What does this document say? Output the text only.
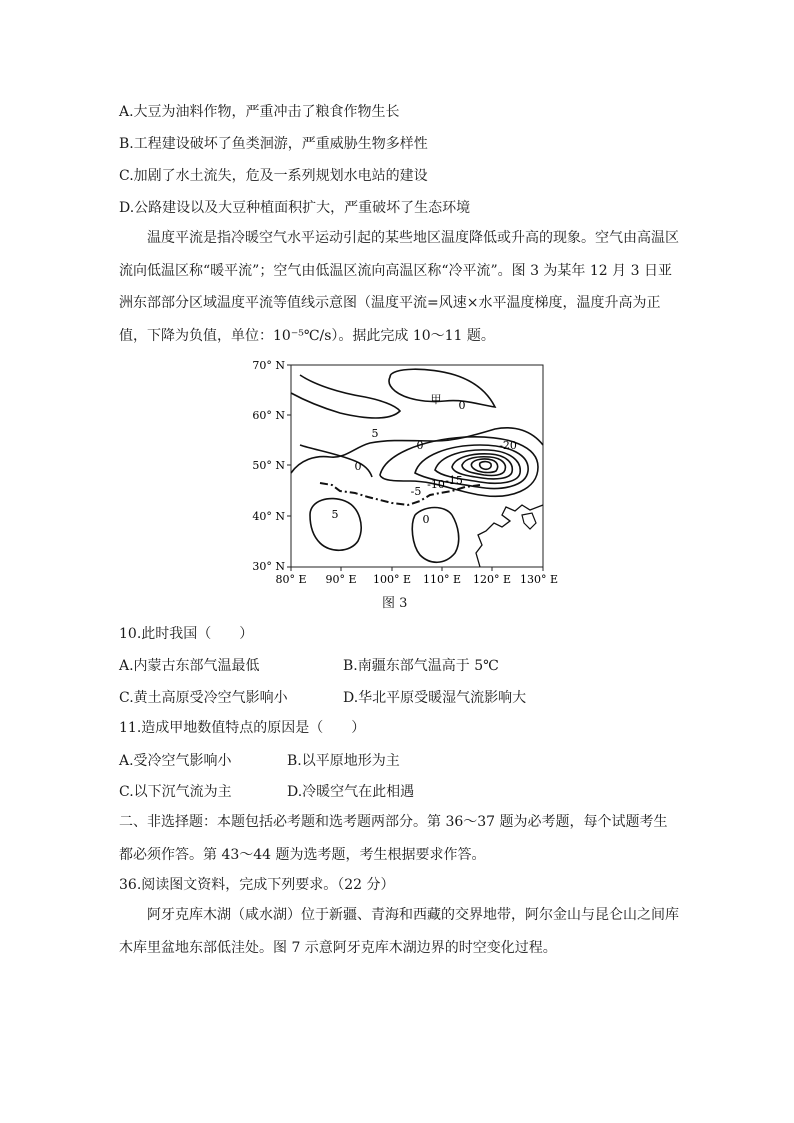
A.大豆为油料作物，严重冲击了粮食作物生长
B.工程建设破坏了鱼类洄游，严重威胁生物多样性
C.加剧了水土流失，危及一系列规划水电站的建设
D.公路建设以及大豆种植面积扩大，严重破坏了生态环境

温度平流是指冷暖空气水平运动引起的某些地区温度降低或升高的现象。空气由高温区流向低温区称“暖平流”；空气由低温区流向高温区称“冷平流”。图 3 为某年 12 月 3 日亚洲东部部分区域温度平流等值线示意图（温度平流=风速×水平温度梯度，温度升高为正值，下降为负值，单位：10⁻⁵℃/s）。据此完成 10～11 题。

70° N
60° N
50° N
40° N
30° N
80° E 90° E 100° E 110° E 120° E 130° E
甲 0
5
0	-20
0
-10 -15
-5
5	0
图 3
10.此时我国（　　）
A.内蒙古东部气温最低	B.南疆东部气温高于 5℃
C.黄土高原受冷空气影响小	D.华北平原受暖湿气流影响大
11.造成甲地数值特点的原因是（　　）
A.受冷空气影响小	B.以平原地形为主
C.以下沉气流为主	D.冷暖空气在此相遇

二、非选择题：本题包括必考题和选考题两部分。第 36～37 题为必考题，每个试题考生都必须作答。第 43～44 题为选考题，考生根据要求作答。

36.阅读图文资料，完成下列要求。（22 分）

阿牙克库木湖（咸水湖）位于新疆、青海和西藏的交界地带，阿尔金山与昆仑山之间库木库里盆地东部低洼处。图 7 示意阿牙克库木湖边界的时空变化过程。
